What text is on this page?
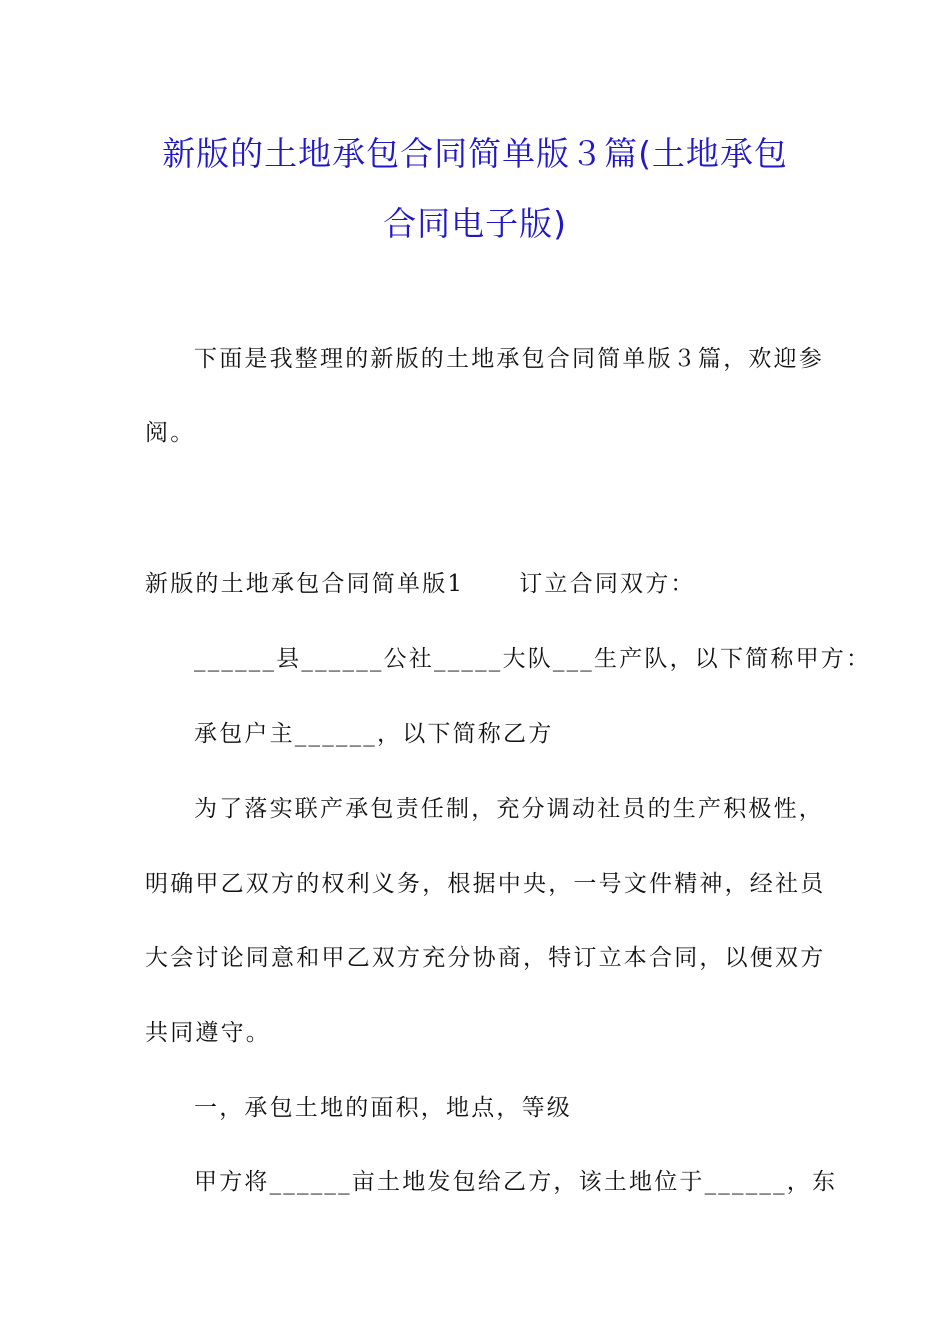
新版的土地承包合同简单版３篇(土地承包
合同电子版)
下面是我整理的新版的土地承包合同简单版３篇，欢迎参
阅。
新版的土地承包合同简单版1 订立合同双方：
______县______公社_____大队___生产队，以下简称甲方：
承包户主______，以下简称乙方
为了落实联产承包责任制，充分调动社员的生产积极性，
明确甲乙双方的权利义务，根据中央，一号文件精神，经社员
大会讨论同意和甲乙双方充分协商，特订立本合同，以便双方
共同遵守。
一，承包土地的面积，地点，等级
甲方将______亩土地发包给乙方，该土地位于______，东
